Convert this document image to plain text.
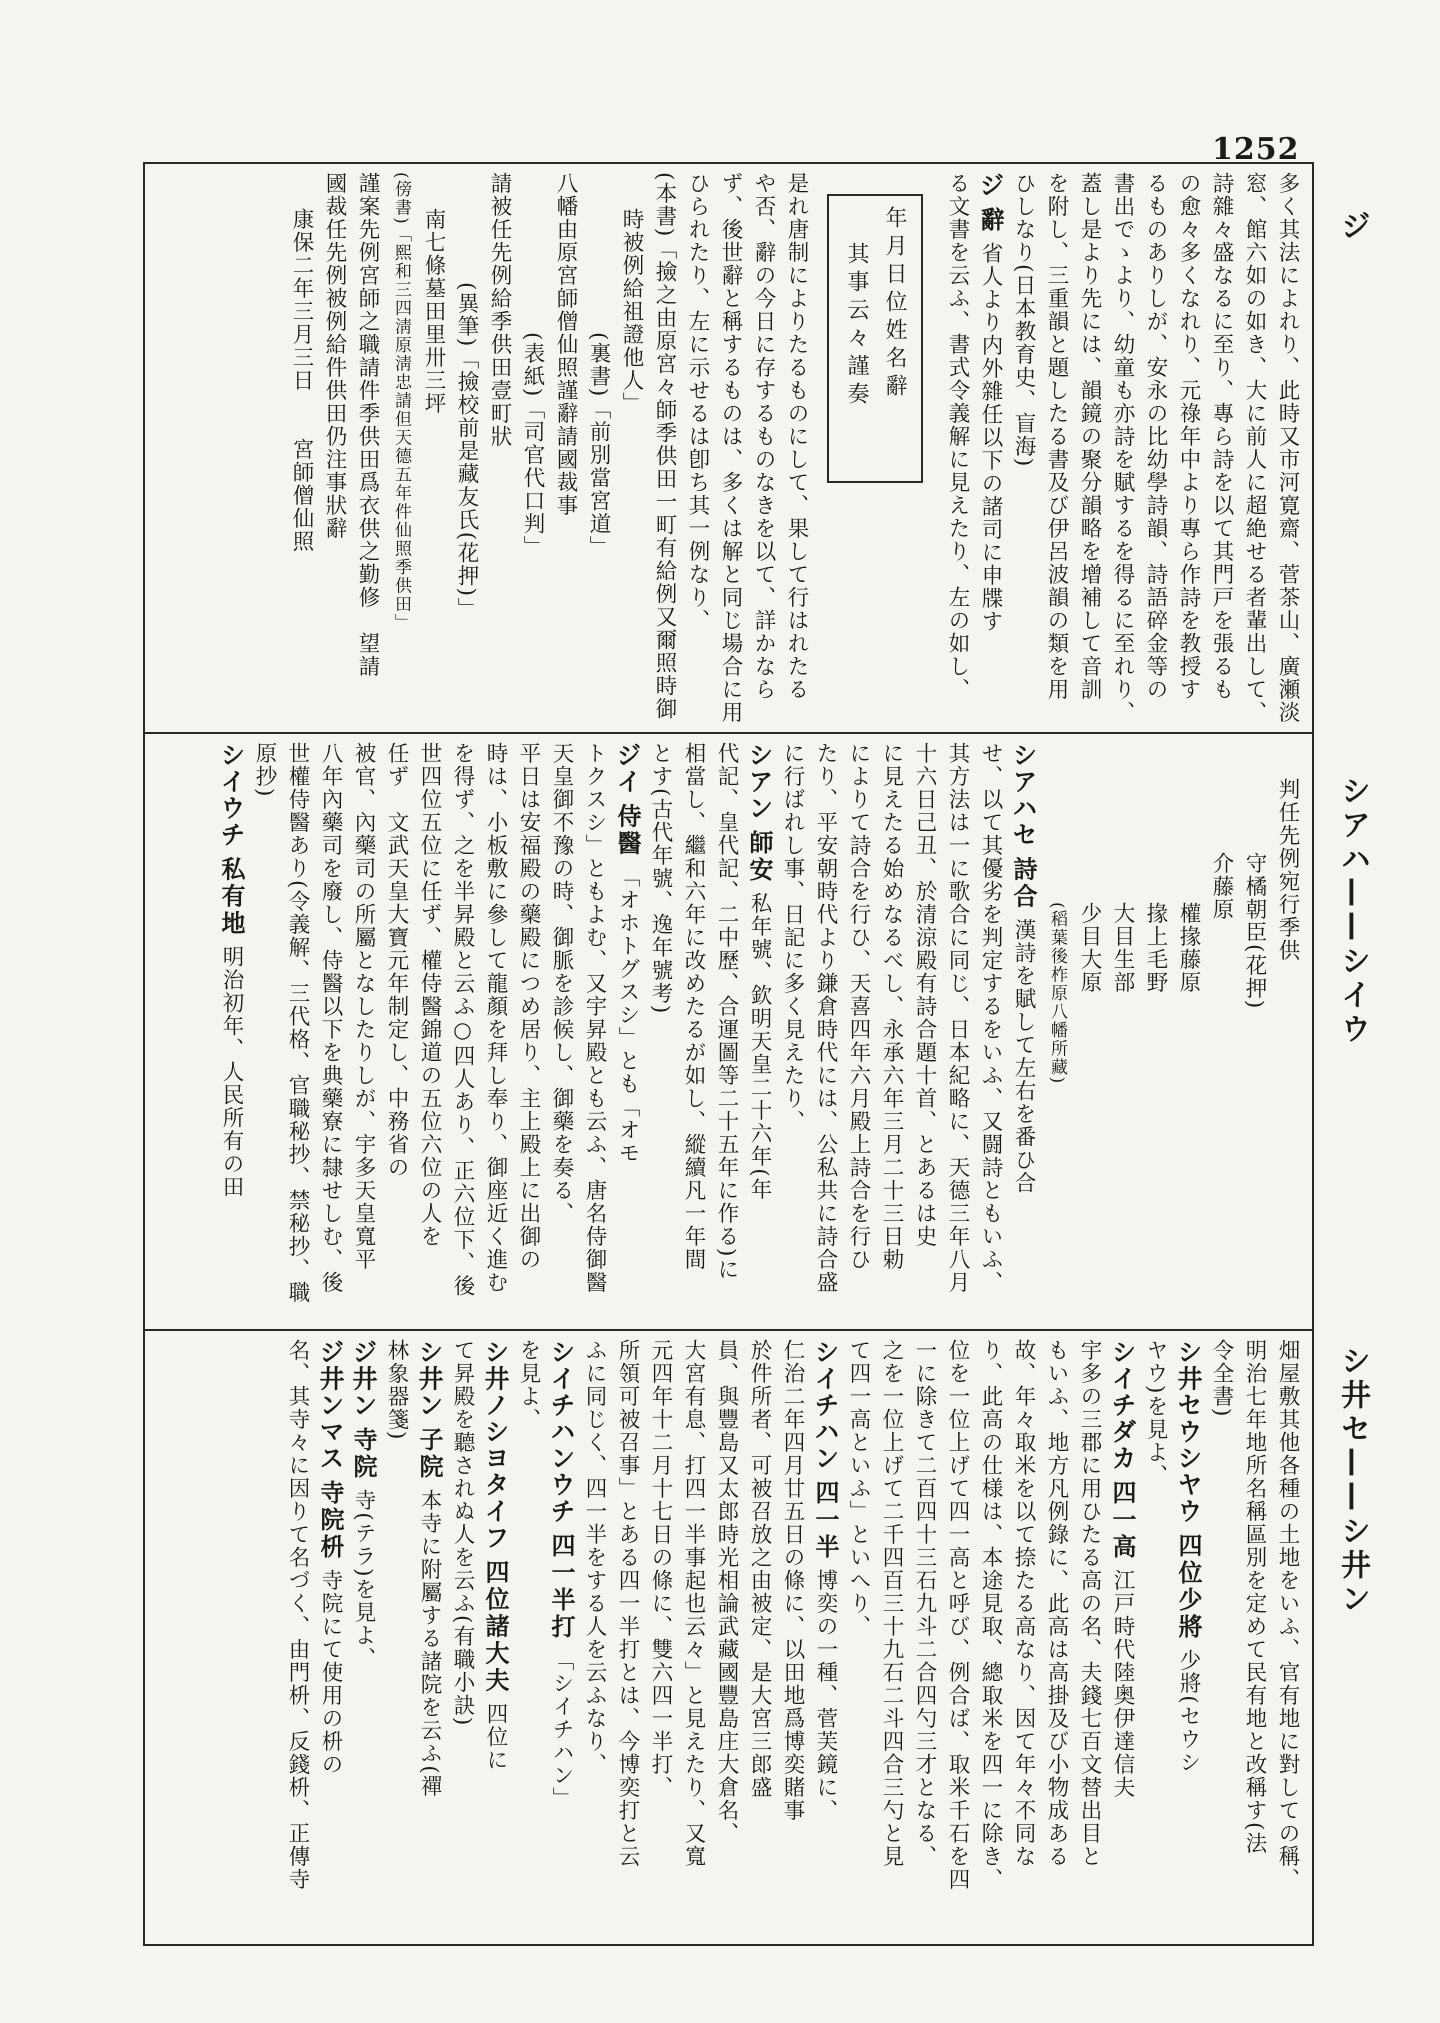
1252
ジ
シアハ——シイウ
シ井セ——シ井ン
多く其法によれり、此時又市河寛齋、菅茶山、廣瀬淡
窓、館六如の如き、大に前人に超絶せる者輩出して、
詩雜々盛なるに至り、專ら詩を以て其門戸を張るも
の愈々多くなれり、元祿年中より專ら作詩を教授す
るものありしが、安永の比幼學詩韻、詩語碎金等の
書出でゝより、幼童も亦詩を賦するを得るに至れり、
蓋し是より先には、韻鏡の聚分韻略を增補して音訓
を附し、三重韻と題したる書及び伊呂波韻の類を用
ひしなり(日本教育史、盲海)
ジ 辭 省人より内外雜任以下の諸司に申牒す
る文書を云ふ、書式令義解に見えたり、左の如し、
年月日位姓名辭
其事云々謹奏
是れ唐制によりたるものにして、果して行はれたる
や否、辭の今日に存するものなきを以て、詳かなら
ず、後世辭と稱するものは、多くは解と同じ場合に用
ひられたり、左に示せるは卽ち其一例なり、
(本書)「撿之由原宮々師季供田一町有給例又爾照時御
時被例給祖證他人」
(裏書)「前別當宮道」
八幡由原宮師僧仙照謹辭請國裁事
(表紙)「司官代口判」
請被任先例給季供田壹町狀
(異筆)「撿校前是藏友氏(花押)」
南七條墓田里卅三坪
(傍書)「熙和三四淸原淸忠請但天德五年件仙照季供田」
謹案先例宮師之職請件季供田爲衣供之勤修　望請
國裁任先例被例給件供田仍注事狀辭
康保二年三月三日　　宮師僧仙照
判任先例宛行季供
守橘朝臣(花押)
介藤原
權掾藤原
掾上毛野
大目生部
少目大原
(稻葉後柞原八幡所藏)
シアハセ 詩合 漢詩を賦して左右を番ひ合
せ、以て其優劣を判定するをいふ、又闘詩ともいふ、
其方法は一に歌合に同じ、日本紀略に、天德三年八月
十六日己丑、於清涼殿有詩合題十首、とあるは史
に見えたる始めなるべし、永承六年三月二十三日勅
によりて詩合を行ひ、天喜四年六月殿上詩合を行ひ
たり、平安朝時代より鎌倉時代には、公私共に詩合盛
に行ばれし事、日記に多く見えたり、
シアン 師安 私年號、欽明天皇二十六年(年
代記、皇代記、二中歷、合運圖等二十五年に作る)に
相當し、繼和六年に改めたるが如し、縱續凡一年間
とす(古代年號、逸年號考)
ジイ 侍醫 「オホトグスシ」とも「オモ
トクスシ」ともよむ、又宇昇殿とも云ふ、唐名侍御醫
天皇御不豫の時、御脈を診候し、御藥を奏る、
平日は安福殿の藥殿につめ居り、主上殿上に出御の
時は、小板敷に參して龍顏を拜し奉り、御座近く進む
を得ず、之を半昇殿と云ふ○四人あり、正六位下、後
世四位五位に任ず、權侍醫錦道の五位六位の人を
任ず　文武天皇大寶元年制定し、中務省の
被官、內藥司の所屬となしたりしが、宇多天皇寬平
八年內藥司を廢し、侍醫以下を典藥寮に隸せしむ、後
世權侍醫あり(令義解、三代格、官職秘抄、禁秘抄、職
原抄)
シイウチ 私有地 明治初年、人民所有の田
畑屋敷其他各種の土地をいふ、官有地に對しての稱、
明治七年地所名稱區別を定めて民有地と改稱す(法
令全書)
シ井セウシヤウ 四位少將 少將(セウシ
ヤウ)を見よ、
シイチダカ 四一高 江戸時代陸奥伊達信夫
宇多の三郡に用ひたる高の名、夫錢七百文替出目と
もいふ、地方凡例錄に、此高は高掛及び小物成ある
故、年々取米を以て捺たる高なり、因て年々不同な
り、此高の仕様は、本途見取、總取米を四一に除き、
位を一位上げて四一高と呼び、例合ば、取米千石を四
一に除きて二百四十三石九斗二合四勺三才となる、
之を一位上げて二千四百三十九石二斗四合三勺と見
て四一高といふ」といへり、
シイチハン 四一半 博奕の一種、菅芙鏡に、
仁治二年四月廿五日の條に、以田地爲博奕賭事
於件所者、可被召放之由被定、是大宮三郎盛
員、與豐島又太郎時光相論武藏國豐島庄大倉名、
大宮有息、打四一半事起也云々」と見えたり、又寬
元四年十二月十七日の條に、雙六四一半打、
所領可被召事」とある四一半打とは、今博奕打と云
ふに同じく、四一半をする人を云ふなり、
シイチハンウチ 四一半打 「シイチハン」
を見よ、
シ井ノシヨタイフ 四位諸大夫 四位に
て昇殿を聽されぬ人を云ふ(有職小訣)
シ井ン 子院 本寺に附屬する諸院を云ふ(禪
林象器箋)
ジ井ン 寺院 寺(テラ)を見よ、
ジ井ンマス 寺院枡 寺院にて使用の枡の
名、其寺々に因りて名づく、由門枡、反錢枡、正傳寺
